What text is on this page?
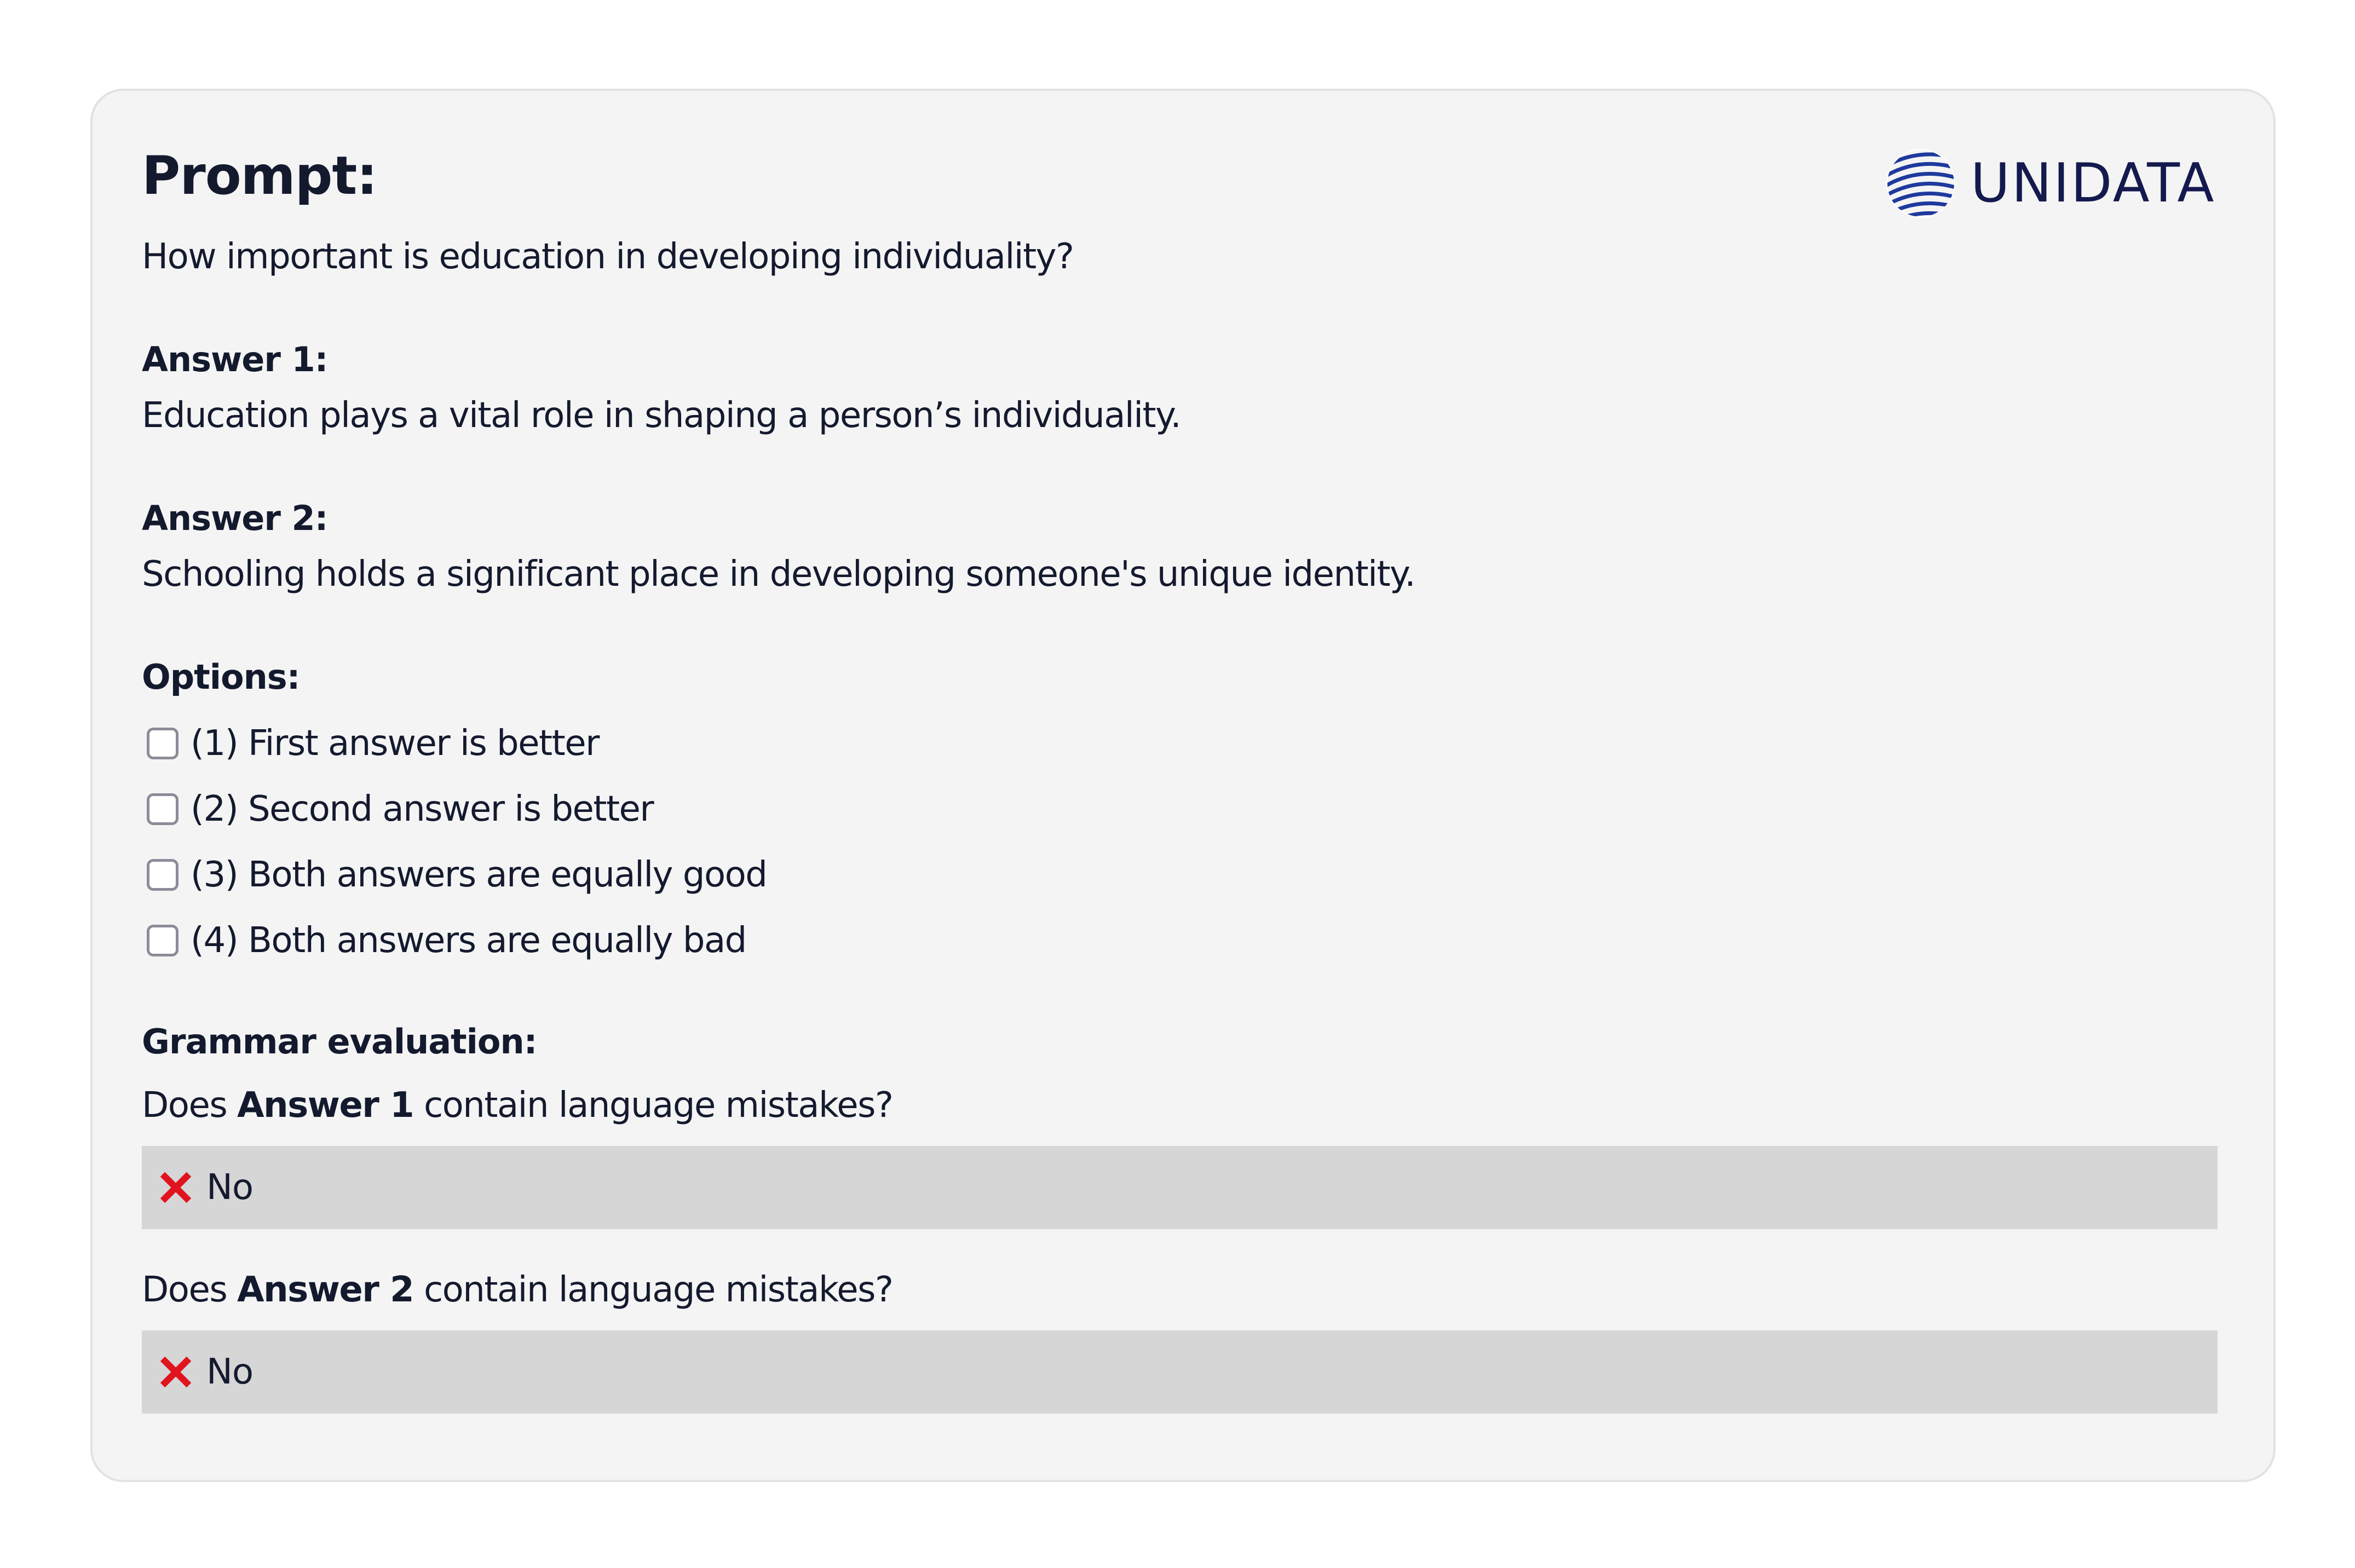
UNIDATA
Prompt:
How important is education in developing individuality?
Answer 1:
Education plays a vital role in shaping a person’s individuality.
Answer 2:
Schooling holds a significant place in developing someone's unique identity.
Options:
(1) First answer is better
(2) Second answer is better
(3) Both answers are equally good
(4) Both answers are equally bad
Grammar evaluation:
Does Answer 1 contain language mistakes?
No
Does Answer 2 contain language mistakes?
No
